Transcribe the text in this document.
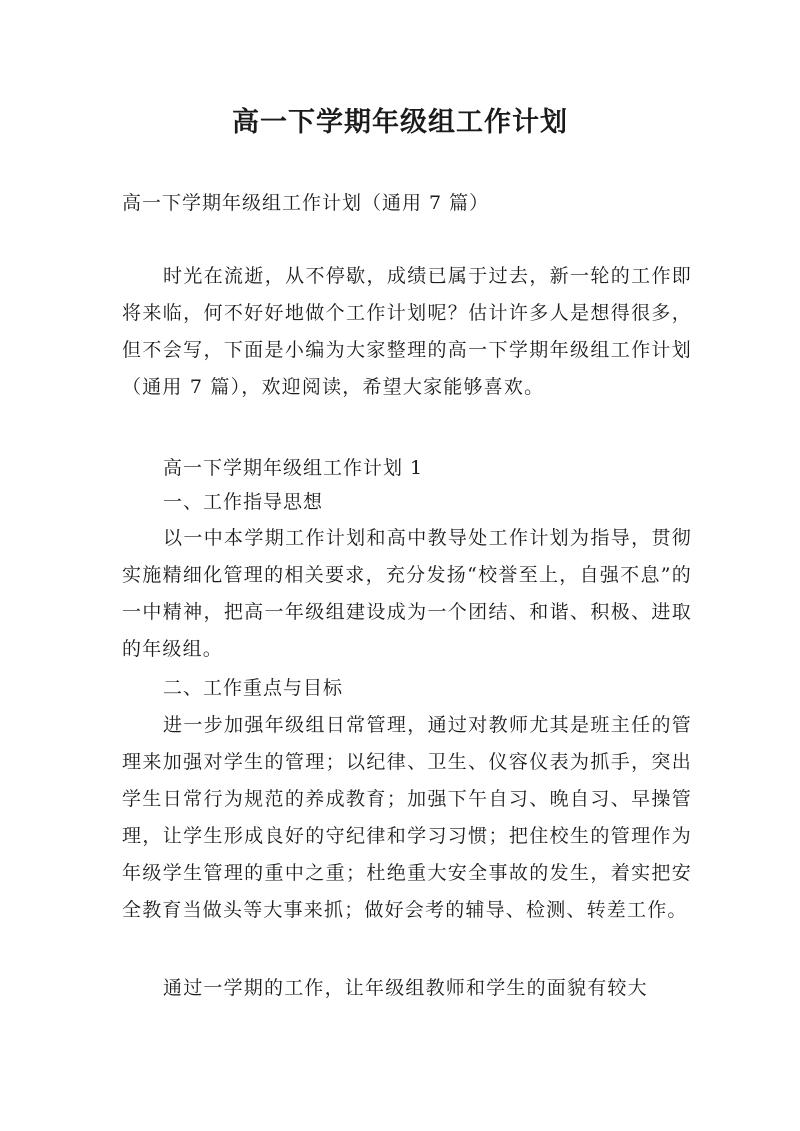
高一下学期年级组工作计划
高一下学期年级组工作计划（通用 7 篇）

时光在流逝，从不停歇，成绩已属于过去，新一轮的工作即将来临，何不好好地做个工作计划呢？估计许多人是想得很多，但不会写，下面是小编为大家整理的高一下学期年级组工作计划（通用 7 篇），欢迎阅读，希望大家能够喜欢。

高一下学期年级组工作计划 1
一、工作指导思想

以一中本学期工作计划和高中教导处工作计划为指导，贯彻实施精细化管理的相关要求，充分发扬“校誉至上，自强不息”的一中精神，把高一年级组建设成为一个团结、和谐、积极、进取的年级组。

二、工作重点与目标

进一步加强年级组日常管理，通过对教师尤其是班主任的管理来加强对学生的管理；以纪律、卫生、仪容仪表为抓手，突出学生日常行为规范的养成教育；加强下午自习、晚自习、早操管理，让学生形成良好的守纪律和学习习惯；把住校生的管理作为年级学生管理的重中之重；杜绝重大安全事故的发生，着实把安全教育当做头等大事来抓；做好会考的辅导、检测、转差工作。

通过一学期的工作，让年级组教师和学生的面貌有较大
